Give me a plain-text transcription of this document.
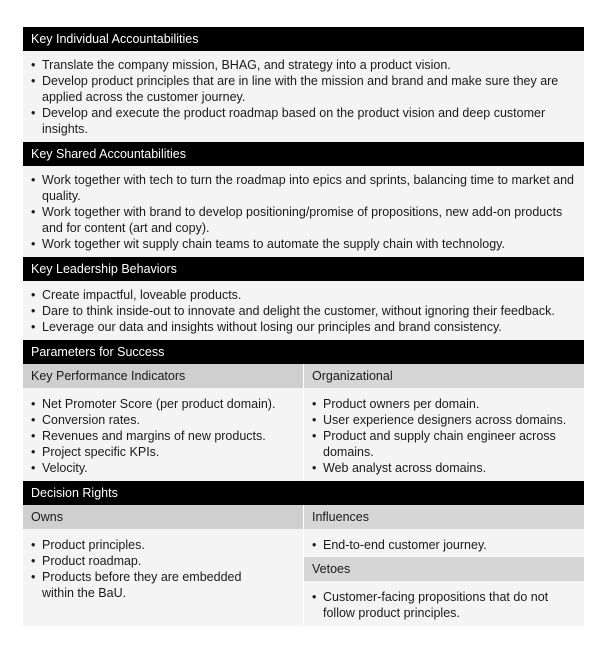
Key Individual Accountabilities
• Translate the company mission, BHAG, and strategy into a product vision.
• Develop product principles that are in line with the mission and brand and make sure they are applied across the customer journey.
• Develop and execute the product roadmap based on the product vision and deep customer insights.
Key Shared Accountabilities
• Work together with tech to turn the roadmap into epics and sprints, balancing time to market and quality.
• Work together with brand to develop positioning/promise of propositions, new add-on products and for content (art and copy).
• Work together wit supply chain teams to automate the supply chain with technology.
Key Leadership Behaviors
• Create impactful, loveable products.
• Dare to think inside-out to innovate and delight the customer, without ignoring their feedback.
• Leverage our data and insights without losing our principles and brand consistency.
Parameters for Success
Key Performance Indicators
• Net Promoter Score (per product domain).
• Conversion rates.
• Revenues and margins of new products.
• Project specific KPIs.
• Velocity.
Organizational
• Product owners per domain.
• User experience designers across domains.
• Product and supply chain engineer across domains.
• Web analyst across domains.
Decision Rights
Owns
• Product principles.
• Product roadmap.
• Products before they are embedded within the BaU.
Influences
• End-to-end customer journey.
Vetoes
• Customer-facing propositions that do not follow product principles.
